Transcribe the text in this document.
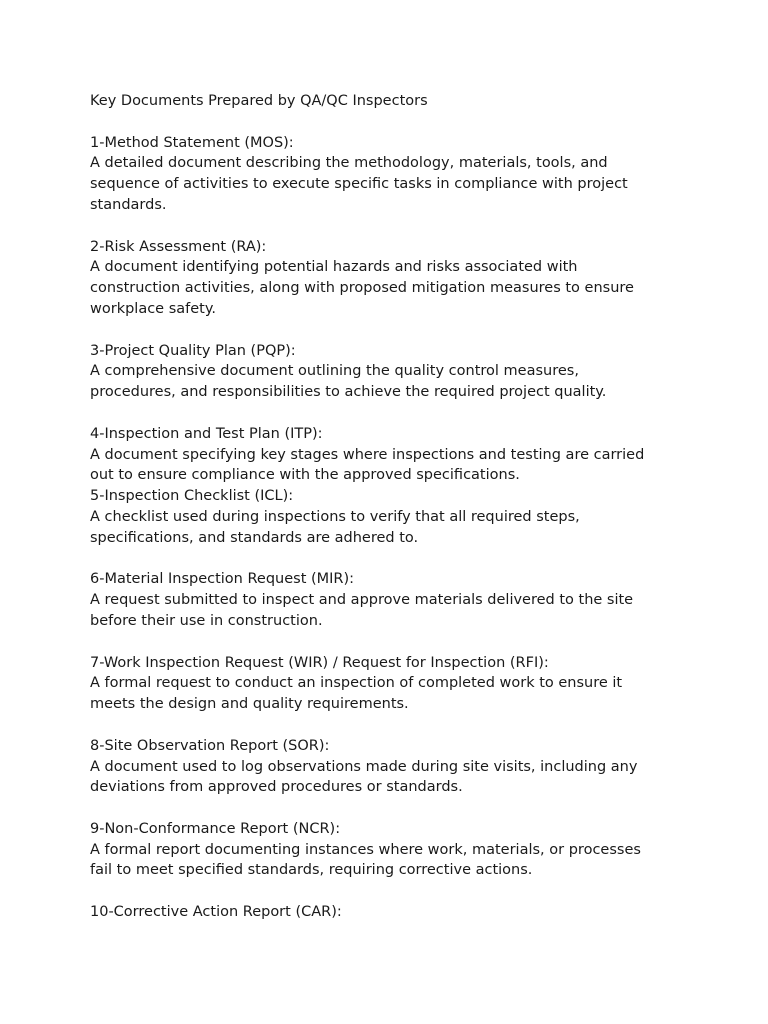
Key Documents Prepared by QA/QC Inspectors

1-Method Statement (MOS):

A detailed document describing the methodology, materials, tools, and
sequence of activities to execute specific tasks in compliance with project
standards.

2-Risk Assessment (RA):

A document identifying potential hazards and risks associated with
construction activities, along with proposed mitigation measures to ensure
workplace safety.

3-Project Quality Plan (PQP):

A comprehensive document outlining the quality control measures,
procedures, and responsibilities to achieve the required project quality.

4-Inspection and Test Plan (ITP):

A document specifying key stages where inspections and testing are carried
out to ensure compliance with the approved specifications.

5-Inspection Checklist (ICL):

A checklist used during inspections to verify that all required steps,
specifications, and standards are adhered to.

6-Material Inspection Request (MIR):

A request submitted to inspect and approve materials delivered to the site
before their use in construction.

7-Work Inspection Request (WIR) / Request for Inspection (RFI):

A formal request to conduct an inspection of completed work to ensure it
meets the design and quality requirements.

8-Site Observation Report (SOR):

A document used to log observations made during site visits, including any
deviations from approved procedures or standards.

9-Non-Conformance Report (NCR):

A formal report documenting instances where work, materials, or processes
fail to meet specified standards, requiring corrective actions.

10-Corrective Action Report (CAR):
